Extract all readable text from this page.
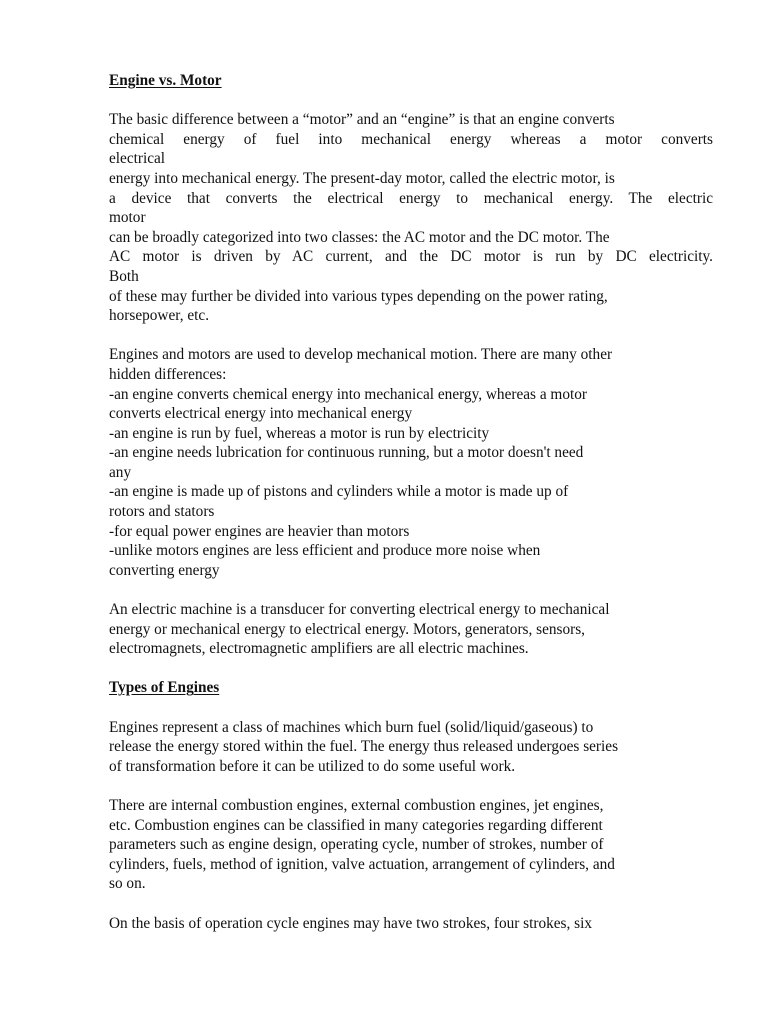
Engine vs. Motor
The basic difference between a “motor” and an “engine” is that an engine converts
chemical energy of fuel into mechanical energy whereas a motor converts
electrical
energy into mechanical energy. The present-day motor, called the electric motor, is
a device that converts the electrical energy to mechanical energy. The electric
motor
can be broadly categorized into two classes: the AC motor and the DC motor. The
AC motor is driven by AC current, and the DC motor is run by DC electricity.
Both
of these may further be divided into various types depending on the power rating,
horsepower, etc.
Engines and motors are used to develop mechanical motion. There are many other
hidden differences:
-an engine converts chemical energy into mechanical energy, whereas a motor
converts electrical energy into mechanical energy
-an engine is run by fuel, whereas a motor is run by electricity
-an engine needs lubrication for continuous running, but a motor doesn't need
any
-an engine is made up of pistons and cylinders while a motor is made up of
rotors and stators
-for equal power engines are heavier than motors
-unlike motors engines are less efficient and produce more noise when
converting energy
An electric machine is a transducer for converting electrical energy to mechanical
energy or mechanical energy to electrical energy. Motors, generators, sensors,
electromagnets, electromagnetic amplifiers are all electric machines.
Types of Engines
Engines represent a class of machines which burn fuel (solid/liquid/gaseous) to
release the energy stored within the fuel. The energy thus released undergoes series
of transformation before it can be utilized to do some useful work.
There are internal combustion engines, external combustion engines, jet engines,
etc. Combustion engines can be classified in many categories regarding different
parameters such as engine design, operating cycle, number of strokes, number of
cylinders, fuels, method of ignition, valve actuation, arrangement of cylinders, and
so on.
On the basis of operation cycle engines may have two strokes, four strokes, six
